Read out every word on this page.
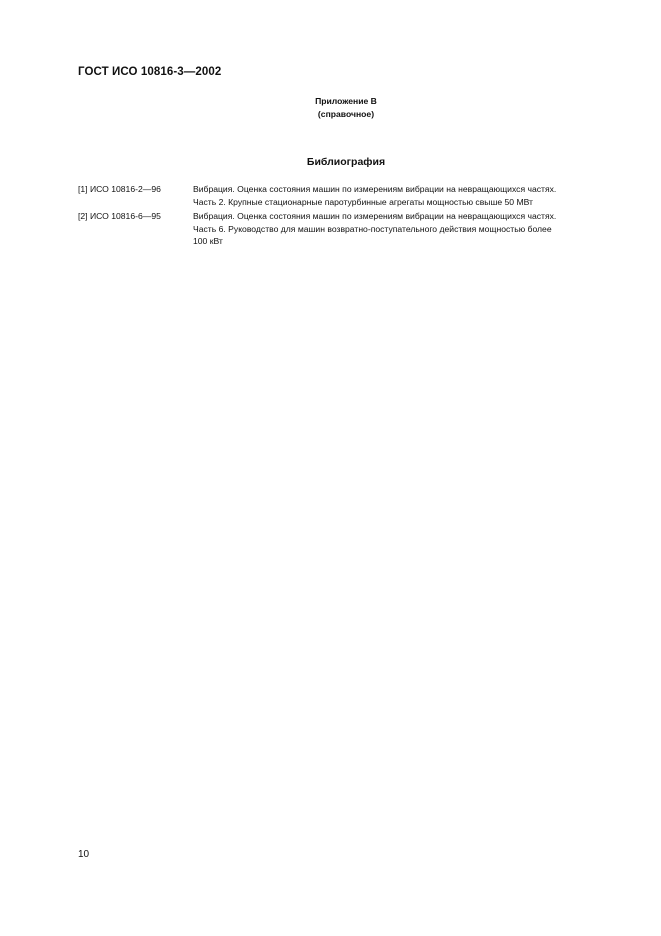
ГОСТ ИСО 10816-3—2002
Приложение В
(справочное)
Библиография
[1] ИСО 10816-2—96	Вибрация. Оценка состояния машин по измерениям вибрации на невращающихся частях.
Часть 2. Крупные стационарные паротурбинные агрегаты мощностью свыше 50 МВт
[2] ИСО 10816-6—95	Вибрация. Оценка состояния машин по измерениям вибрации на невращающихся частях.
Часть 6. Руководство для машин возвратно-поступательного действия мощностью более
100 кВт
10
